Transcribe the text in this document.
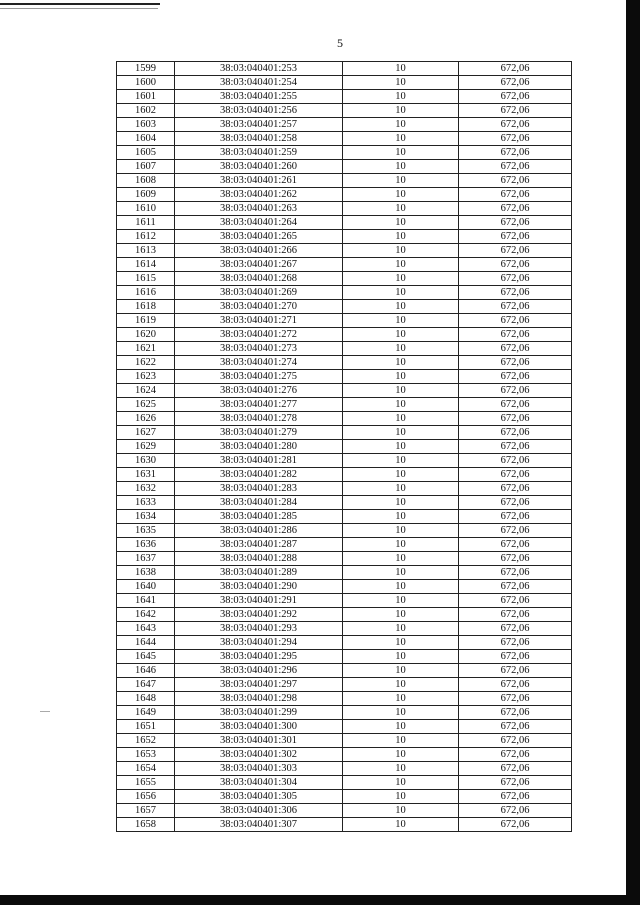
5
1599	38:03:040401:253	10	672,06
1600	38:03:040401:254	10	672,06
1601	38:03:040401:255	10	672,06
1602	38:03:040401:256	10	672,06
1603	38:03:040401:257	10	672,06
1604	38:03:040401:258	10	672,06
1605	38:03:040401:259	10	672,06
1607	38:03:040401:260	10	672,06
1608	38:03:040401:261	10	672,06
1609	38:03:040401:262	10	672,06
1610	38:03:040401:263	10	672,06
1611	38:03:040401:264	10	672,06
1612	38:03:040401:265	10	672,06
1613	38:03:040401:266	10	672,06
1614	38:03:040401:267	10	672,06
1615	38:03:040401:268	10	672,06
1616	38:03:040401:269	10	672,06
1618	38:03:040401:270	10	672,06
1619	38:03:040401:271	10	672,06
1620	38:03:040401:272	10	672,06
1621	38:03:040401:273	10	672,06
1622	38:03:040401:274	10	672,06
1623	38:03:040401:275	10	672,06
1624	38:03:040401:276	10	672,06
1625	38:03:040401:277	10	672,06
1626	38:03:040401:278	10	672,06
1627	38:03:040401:279	10	672,06
1629	38:03:040401:280	10	672,06
1630	38:03:040401:281	10	672,06
1631	38:03:040401:282	10	672,06
1632	38:03:040401:283	10	672,06
1633	38:03:040401:284	10	672,06
1634	38:03:040401:285	10	672,06
1635	38:03:040401:286	10	672,06
1636	38:03:040401:287	10	672,06
1637	38:03:040401:288	10	672,06
1638	38:03:040401:289	10	672,06
1640	38:03:040401:290	10	672,06
1641	38:03:040401:291	10	672,06
1642	38:03:040401:292	10	672,06
1643	38:03:040401:293	10	672,06
1644	38:03:040401:294	10	672,06
1645	38:03:040401:295	10	672,06
1646	38:03:040401:296	10	672,06
1647	38:03:040401:297	10	672,06
1648	38:03:040401:298	10	672,06
1649	38:03:040401:299	10	672,06
1651	38:03:040401:300	10	672,06
1652	38:03:040401:301	10	672,06
1653	38:03:040401:302	10	672,06
1654	38:03:040401:303	10	672,06
1655	38:03:040401:304	10	672,06
1656	38:03:040401:305	10	672,06
1657	38:03:040401:306	10	672,06
1658	38:03:040401:307	10	672,06
